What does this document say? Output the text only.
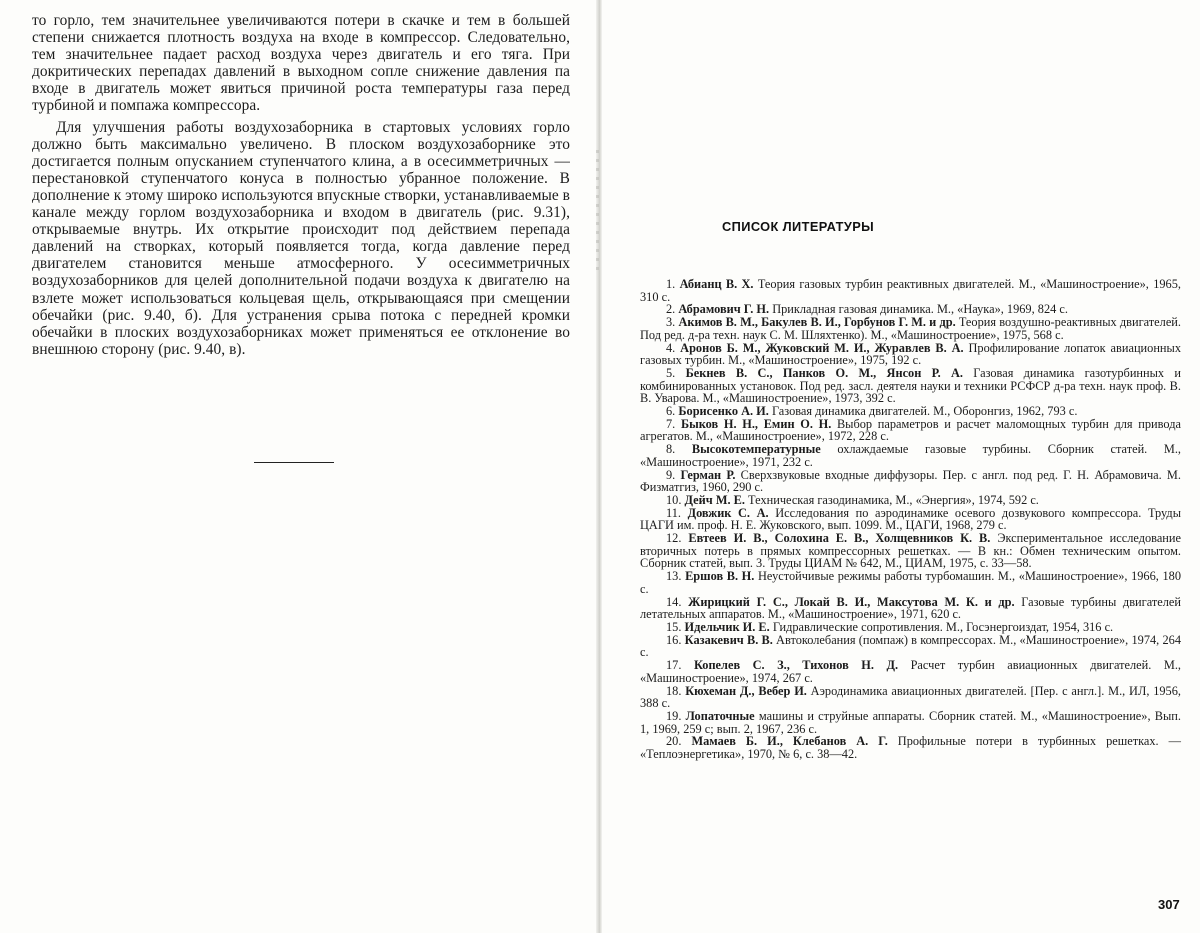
то горло, тем значительнее увеличиваются потери в скачке и тем в большей степени снижается плотность воздуха на входе в компрессор. Следовательно, тем значительнее падает расход воздуха через двигатель и его тяга. При докритических перепадах давлений в выходном сопле снижение давления па входе в двигатель может явиться причиной роста температуры газа перед турбиной и помпажа компрессора.

Для улучшения работы воздухозаборника в стартовых условиях горло должно быть максимально увеличено. В плоском воздухозаборнике это достигается полным опусканием ступенчатого клина, а в осесимметричных — перестановкой ступенчатого конуса в полностью убранное положение. В дополнение к этому широко используются впускные створки, устанавливаемые в канале между горлом воздухозаборника и входом в двигатель (рис. 9.31), открываемые внутрь. Их открытие происходит под действием перепада давлений на створках, который появляется тогда, когда давление перед двигателем становится меньше атмосферного. У осесимметричных воздухозаборников для целей дополнительной подачи воздуха к двигателю на взлете может использоваться кольцевая щель, открывающаяся при смещении обечайки (рис. 9.40, б). Для устранения срыва потока с передней кромки обечайки в плоских воздухозаборниках может применяться ее отклонение во внешнюю сторону (рис. 9.40, в).

СПИСОК ЛИТЕРАТУРЫ

1. Абианц В. Х. Теория газовых турбин реактивных двигателей. М., «Машиностроение», 1965, 310 с.

2. Абрамович Г. Н. Прикладная газовая динамика. М., «Наука», 1969, 824 с.

3. Акимов В. М., Бакулев В. И., Горбунов Г. М. и др. Теория воздушно-реактивных двигателей. Под ред. д-ра техн. наук С. М. Шляхтенко). М., «Машиностроение», 1975, 568 с.

4. Аронов Б. М., Жуковский М. И., Журавлев В. А. Профилирование лопаток авиационных газовых турбин. М., «Машиностроение», 1975, 192 с.

5. Бекнев В. С., Панков О. М., Янсон Р. А. Газовая динамика газотурбинных и комбинированных установок. Под ред. засл. деятеля науки и техники РСФСР д-ра техн. наук проф. В. В. Уварова. М., «Машиностроение», 1973, 392 с.

6. Борисенко А. И. Газовая динамика двигателей. М., Оборонгиз, 1962, 793 с.

7. Быков Н. Н., Емин О. Н. Выбор параметров и расчет маломощных турбин для привода агрегатов. М., «Машиностроение», 1972, 228 с.

8. Высокотемпературные охлаждаемые газовые турбины. Сборник статей. М., «Машиностроение», 1971, 232 с.

9. Герман Р. Сверхзвуковые входные диффузоры. Пер. с англ. под ред. Г. Н. Абрамовича. М. Физматгиз, 1960, 290 с.

10. Дейч М. Е. Техническая газодинамика, М., «Энергия», 1974, 592 с.

11. Довжик С. А. Исследования по аэродинамике осевого дозвукового компрессора. Труды ЦАГИ им. проф. Н. Е. Жуковского, вып. 1099. М., ЦАГИ, 1968, 279 с.

12. Евтеев И. В., Солохина Е. В., Холщевников К. В. Экспериментальное исследование вторичных потерь в прямых компрессорных решетках. — В кн.: Обмен техническим опытом. Сборник статей, вып. 3. Труды ЦИАМ № 642, М., ЦИАМ, 1975, с. 33—58.

13. Ершов В. Н. Неустойчивые режимы работы турбомашин. М., «Машиностроение», 1966, 180 с.

14. Жирицкий Г. С., Локай В. И., Максутова М. К. и др. Газовые турбины двигателей летательных аппаратов. М., «Машиностроение», 1971, 620 с.

15. Идельчик И. Е. Гидравлические сопротивления. М., Госэнергоиздат, 1954, 316 с.

16. Казакевич В. В. Автоколебания (помпаж) в компрессорах. М., «Машиностроение», 1974, 264 с.

17. Копелев С. З., Тихонов Н. Д. Расчет турбин авиационных двигателей. М., «Машиностроение», 1974, 267 с.

18. Кюхеман Д., Вебер И. Аэродинамика авиационных двигателей. [Пер. с англ.]. М., ИЛ, 1956, 388 с.

19. Лопаточные машины и струйные аппараты. Сборник статей. М., «Машиностроение», Вып. 1, 1969, 259 с; вып. 2, 1967, 236 с.

20. Мамаев Б. И., Клебанов А. Г. Профильные потери в турбинных решетках. — «Теплоэнергетика», 1970, № 6, с. 38—42.

307
